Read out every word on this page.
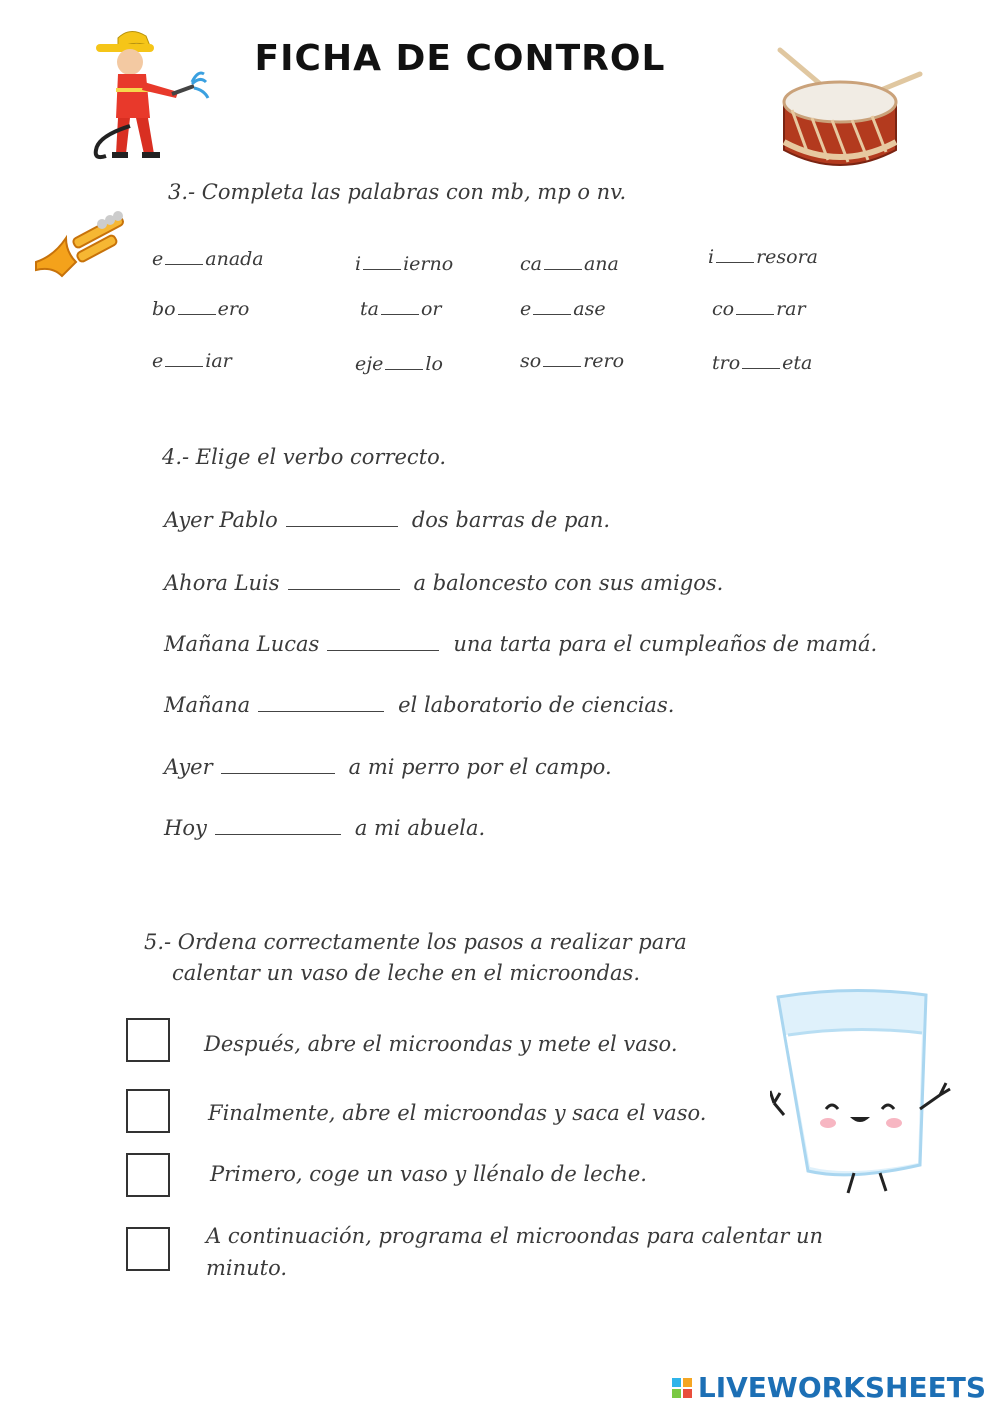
FICHA DE CONTROL
3.- Completa las palabras con mb, mp o nv.
e anada	i ierno	ca ana	i resora
bo ero	ta or	e ase	co rar
e iar	eje lo	so rero	tro eta
4.- Elige el verbo correcto.
Ayer Pablo	dos barras de pan.
Ahora Luis	a baloncesto con sus amigos.
Mañana Lucas	una tarta para el cumpleaños de mamá.
Mañana	el laboratorio de ciencias.
Ayer	a mi perro por el campo.
Hoy	a mi abuela.
5.- Ordena correctamente los pasos a realizar para
calentar un vaso de leche en el microondas.
Después, abre el microondas y mete el vaso.
Finalmente, abre el microondas y saca el vaso.
Primero, coge un vaso y llénalo de leche.
A continuación, programa el microondas para calentar un minuto.
LIVEWORKSHEETS
